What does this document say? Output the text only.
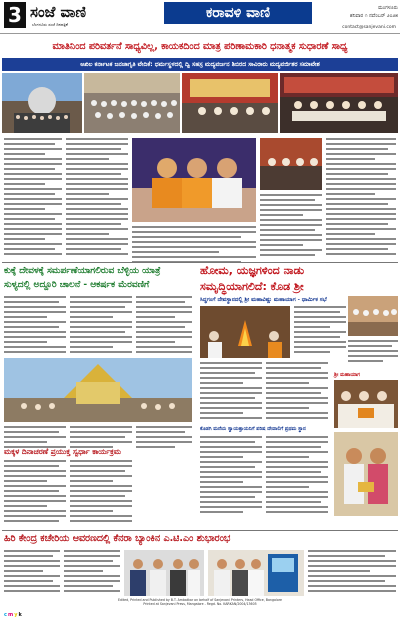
3 ಸಂಜೆ ವಾಣಿ
ಬೆಂಗಳೂರು ಸಂಜೆ ದಿನಪತ್ರಿಕೆ
ಕರಾವಳಿ ವಾಣಿ	ಮಂಗಳೂರು
ಶನಿವಾರ ೧ ನವೆಂಬರ್ ೨೦೨೫
contact@sanjevani.com
ಮಾತಿನಿಂದ ಪರಿವರ್ತನೆ ಸಾಧ್ಯವಿಲ್ಲ, ಕಾಯಕದಿಂದ ಮಾತ್ರ ಪರಿಣಾಮಕಾರಿ ಧನಾತ್ಮಕ ಸುಧಾರಣೆ ಸಾಧ್ಯ
ಅಖಿಲ ಕರ್ನಾಟಕ ಜನಜಾಗೃತಿ ವೇದಿಕೆ: ಧರ್ಮಸ್ಥಳದಲ್ಲಿ ದ್ವಿ ಸಹಸ್ರ ಮದ್ಯವರ್ಜನ ಶಿಬಿರದ ಸಾವಿರಾರು ಮದ್ಯವರ್ಜಿತರ ಸಮಾವೇಶ
ಕುಕ್ಕೆ ದೇವಳಕ್ಕೆ ಸಮರ್ಪಣೆಯಾಗಲಿರುವ ಬೆಳ್ಳಿಯ ಯಾತ್ರೆ
ಸುಳ್ಯದಲ್ಲಿ ಅದ್ದೂರಿ ಚಾಲನೆ - ಆಕರ್ಷಕ ಮೆರವಣಿಗೆ
ಮಕ್ಕಳ ದಿನಾಚರಣೆ ಪ್ರಯುಕ್ತ ಸ್ವರ್ಧಾ ಕಾರ್ಯಕ್ರಮ
ಹೋಮ, ಯಜ್ಞಗಳಿಂದ ನಾಡು
ಸಮೃದ್ಧಿಯಾಗಲಿದೆ: ಕೊಡ ಶ್ರೀ
ಸಿದ್ಧಗಂಗೆ ದೇವಸ್ಥಾನದಲ್ಲಿ ಶ್ರೀ ಮಹಾವಿಷ್ಣು ಮಹಾಯಾಗ - ಧಾರ್ಮಿಕ ಸಭೆ
ಶ್ರೀ ಮಹಾಯಾಗ
ಕೊಡಗಿ ಮನೆಯ ಸ್ವಾಯತ್ತಾಯನಿಗೆ ಪರಿಷ ದೇವಾಲಿಗೆ ಪ್ರಥಮ ಸ್ಥಾನ
ಹಿರಿ ಕೇಂದ್ರ ಕಚೇರಿಯ ಆವರಣದಲ್ಲಿ ಕೆನರಾ ಬ್ಯಾಂಕಿನ ಎ.ಟಿ.ಎಂ ಶುಭಾರಂಭ
Edited, Printed and Published by B.T. Ambatkar on behalf of Sanjevani Printers, Head Office, Bangalore
Printed at Sanjevani Press, Mangalore - Regd. No. KARKAN/2004/13605
cmyk
